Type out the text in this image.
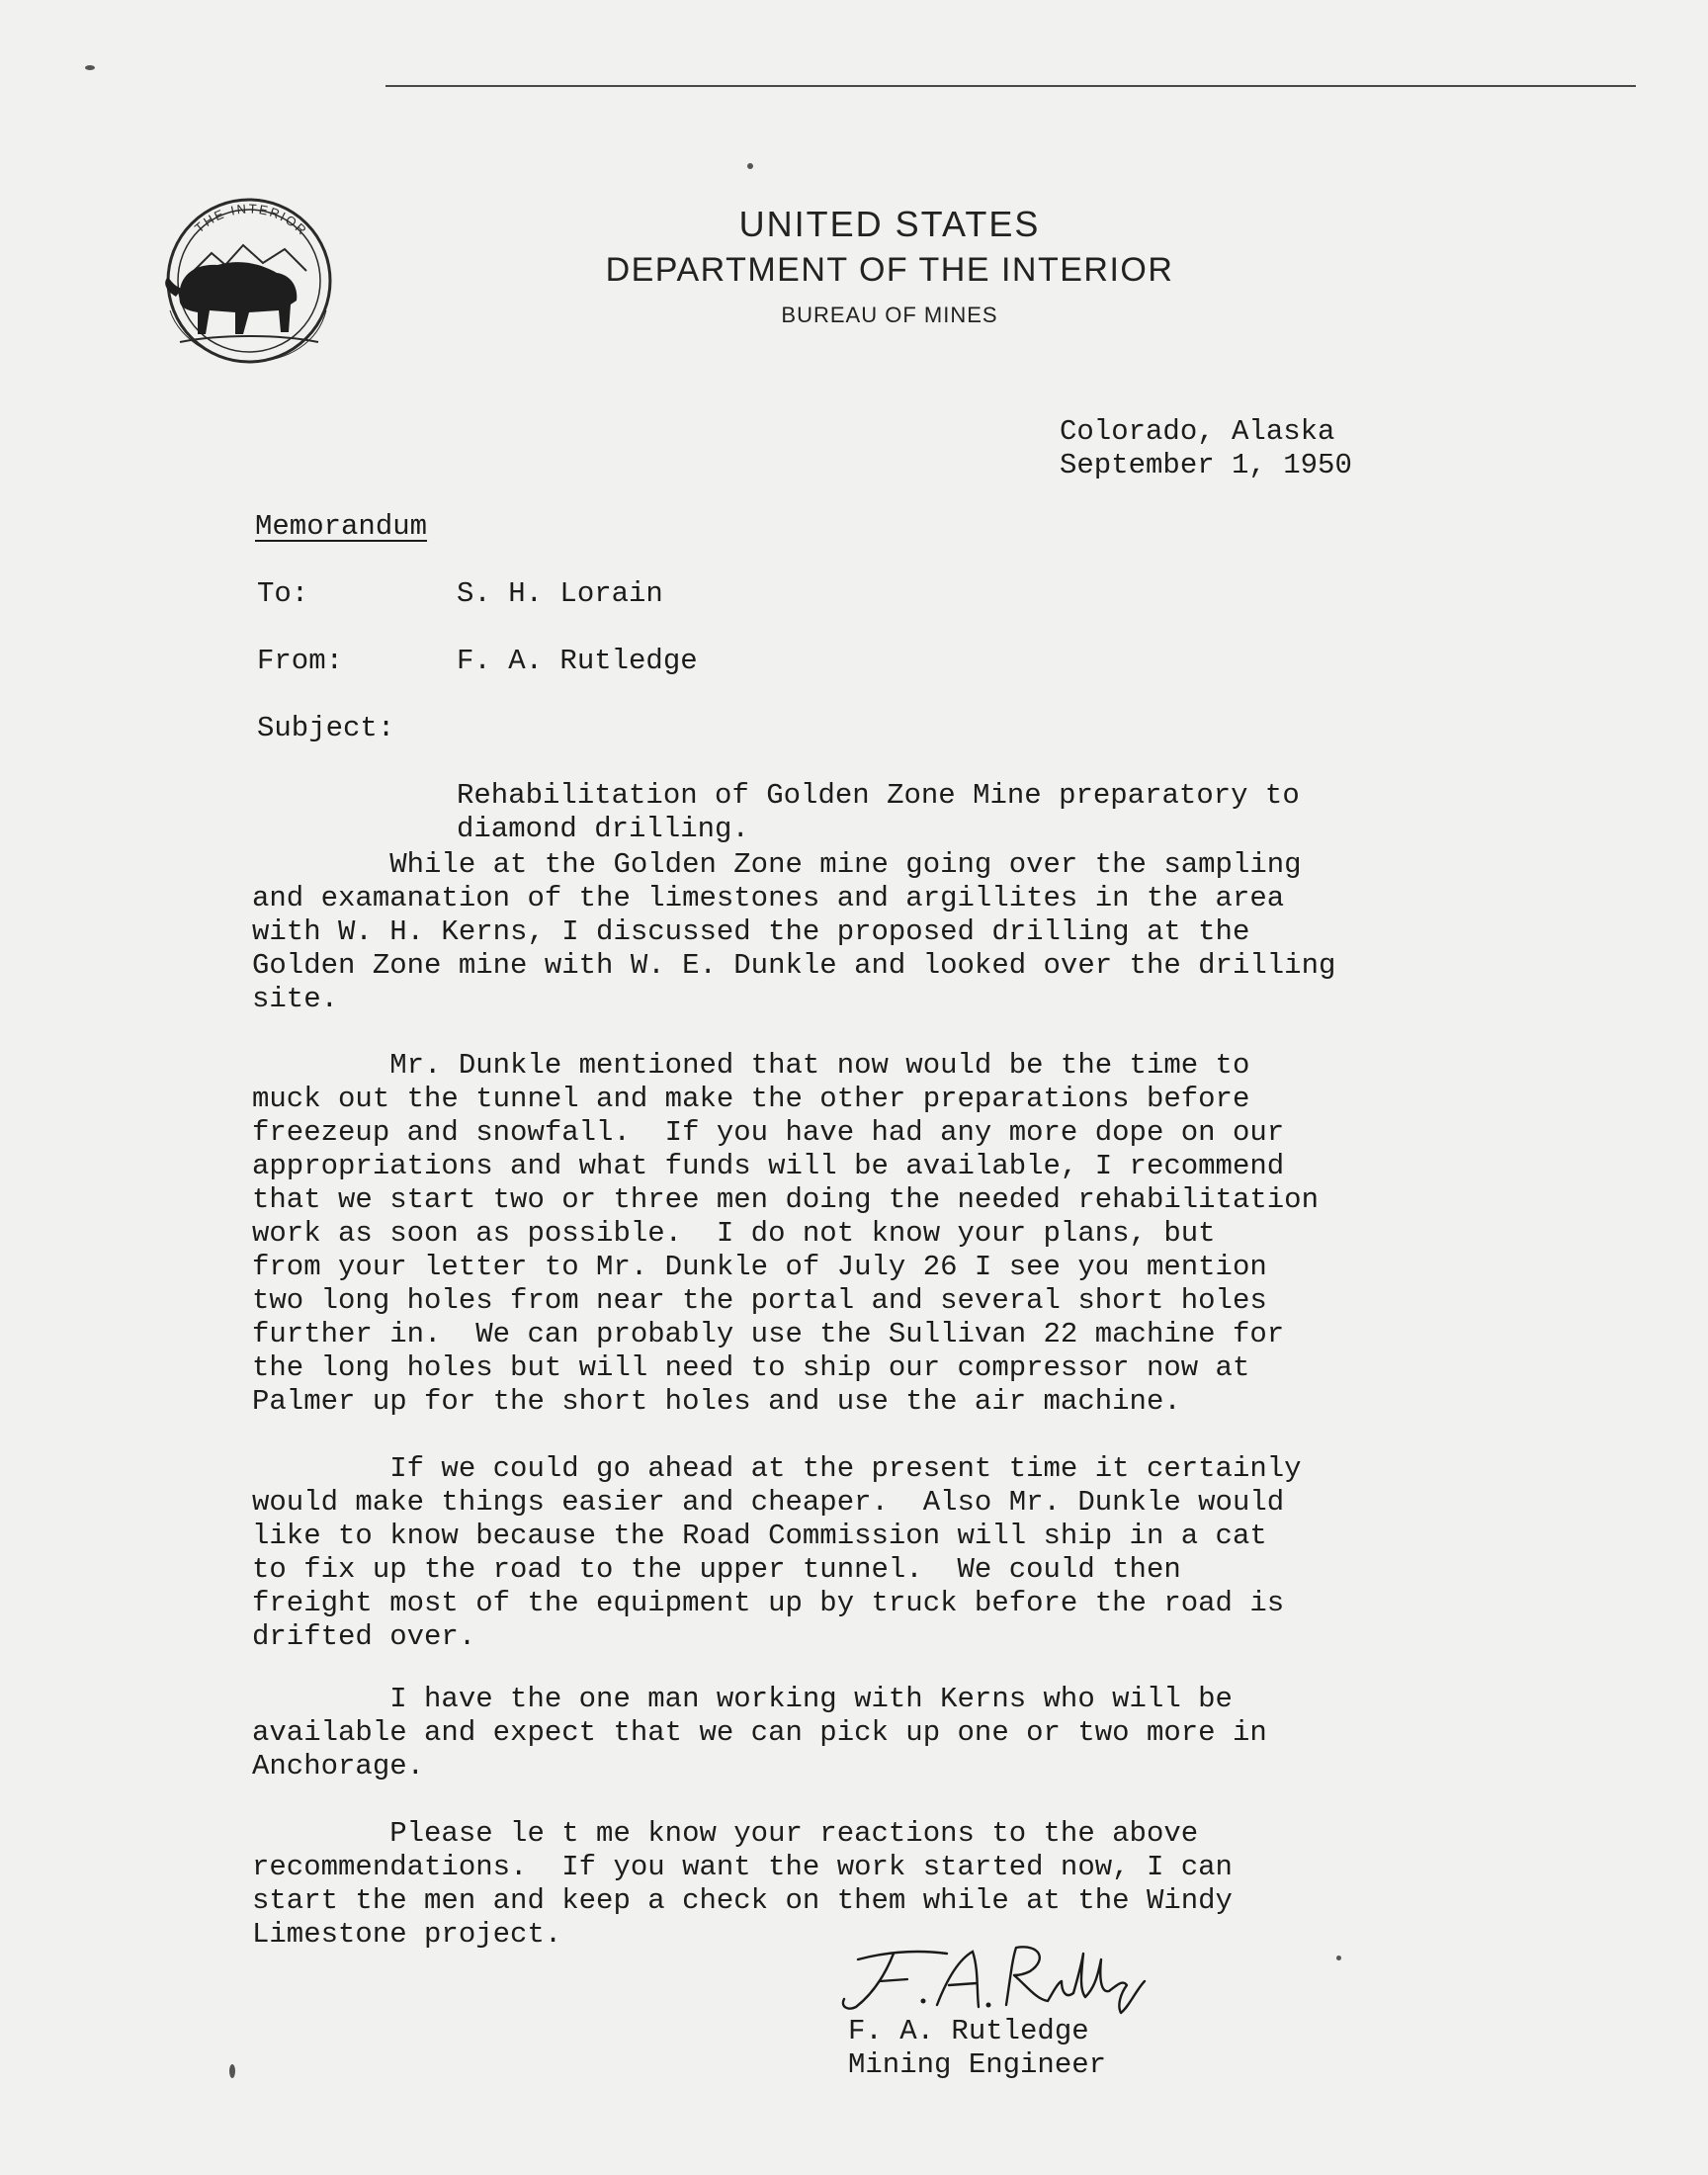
THE INTERIOR	UNITED STATES
DEPARTMENT OF THE INTERIOR
BUREAU OF MINES
Colorado, Alaska
September 1, 1950
Memorandum
To:	S. H. Lorain
From:	F. A. Rutledge
Subject:

Rehabilitation of Golden Zone Mine preparatory to
diamond drilling.

While at the Golden Zone mine going over the sampling
and examanation of the limestones and argillites in the area
with W. H. Kerns, I discussed the proposed drilling at the
Golden Zone mine with W. E. Dunkle and looked over the drilling
site.
Mr. Dunkle mentioned that now would be the time to
muck out the tunnel and make the other preparations before
freezeup and snowfall.  If you have had any more dope on our
appropriations and what funds will be available, I recommend
that we start two or three men doing the needed rehabilitation
work as soon as possible.  I do not know your plans, but
from your letter to Mr. Dunkle of July 26 I see you mention
two long holes from near the portal and several short holes
further in.  We can probably use the Sullivan 22 machine for
the long holes but will need to ship our compressor now at
Palmer up for the short holes and use the air machine.
If we could go ahead at the present time it certainly
would make things easier and cheaper.  Also Mr. Dunkle would
like to know because the Road Commission will ship in a cat
to fix up the road to the upper tunnel.  We could then
freight most of the equipment up by truck before the road is
drifted over.
I have the one man working with Kerns who will be
available and expect that we can pick up one or two more in
Anchorage.
Please le t me know your reactions to the above
recommendations.  If you want the work started now, I can
start the men and keep a check on them while at the Windy
Limestone project.
F. A. Rutledge
Mining Engineer
